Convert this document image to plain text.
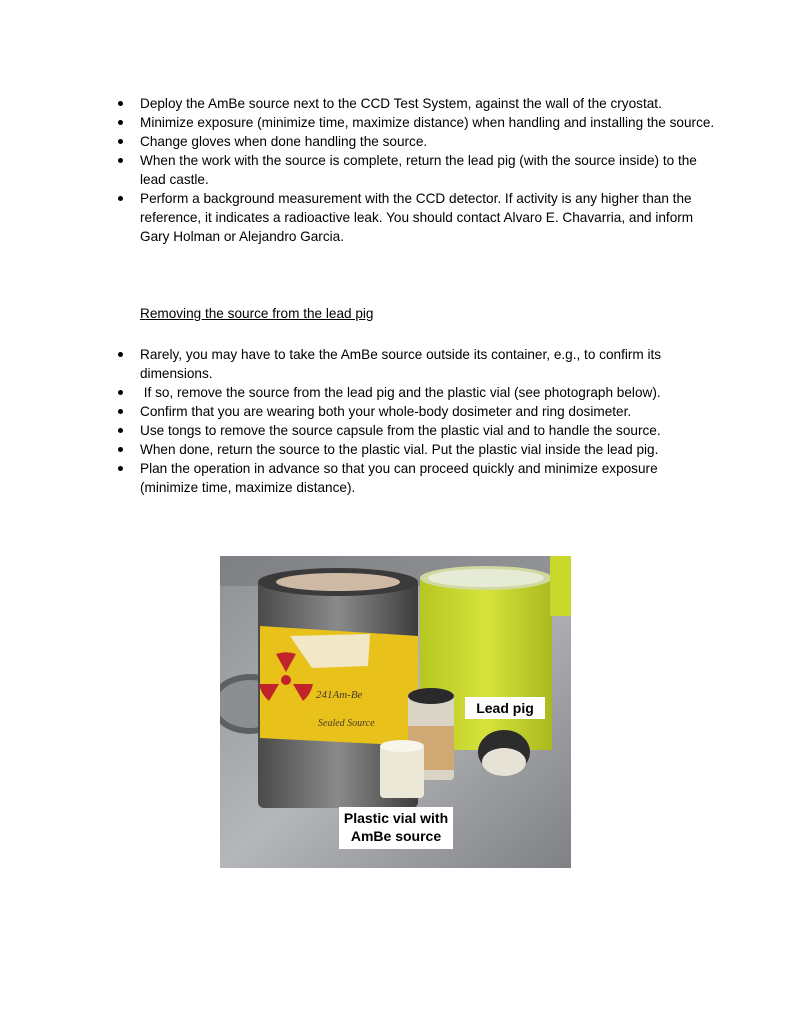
Deploy the AmBe source next to the CCD Test System, against the wall of the cryostat.
Minimize exposure (minimize time, maximize distance) when handling and installing the source.
Change gloves when done handling the source.
When the work with the source is complete, return the lead pig (with the source inside) to the lead castle.
Perform a background measurement with the CCD detector. If activity is any higher than the reference, it indicates a radioactive leak. You should contact Alvaro E. Chavarria, and inform Gary Holman or Alejandro Garcia.
Removing the source from the lead pig
Rarely, you may have to take the AmBe source outside its container, e.g., to confirm its dimensions.
If so, remove the source from the lead pig and the plastic vial (see photograph below).
Confirm that you are wearing both your whole-body dosimeter and ring dosimeter.
Use tongs to remove the source capsule from the plastic vial and to handle the source.
When done, return the source to the plastic vial. Put the plastic vial inside the lead pig.
Plan the operation in advance so that you can proceed quickly and minimize exposure (minimize time, maximize distance).
241Am-Be
Sealed Source
Lead pig
Plastic vial with
AmBe source
